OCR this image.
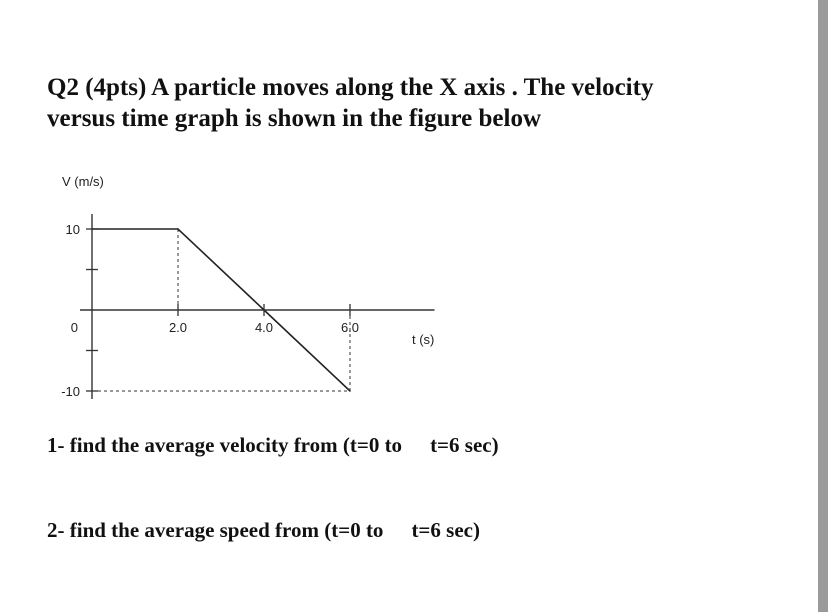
Q2 (4pts) A particle moves along the X axis . The velocity
versus time graph is shown in the figure below
V (m/s)
t (s)
10
0
-10
2.0	4.0	6.0
1- find the average velocity from (t=0 to t=6 sec)
2- find the average speed from (t=0 to t=6 sec)
